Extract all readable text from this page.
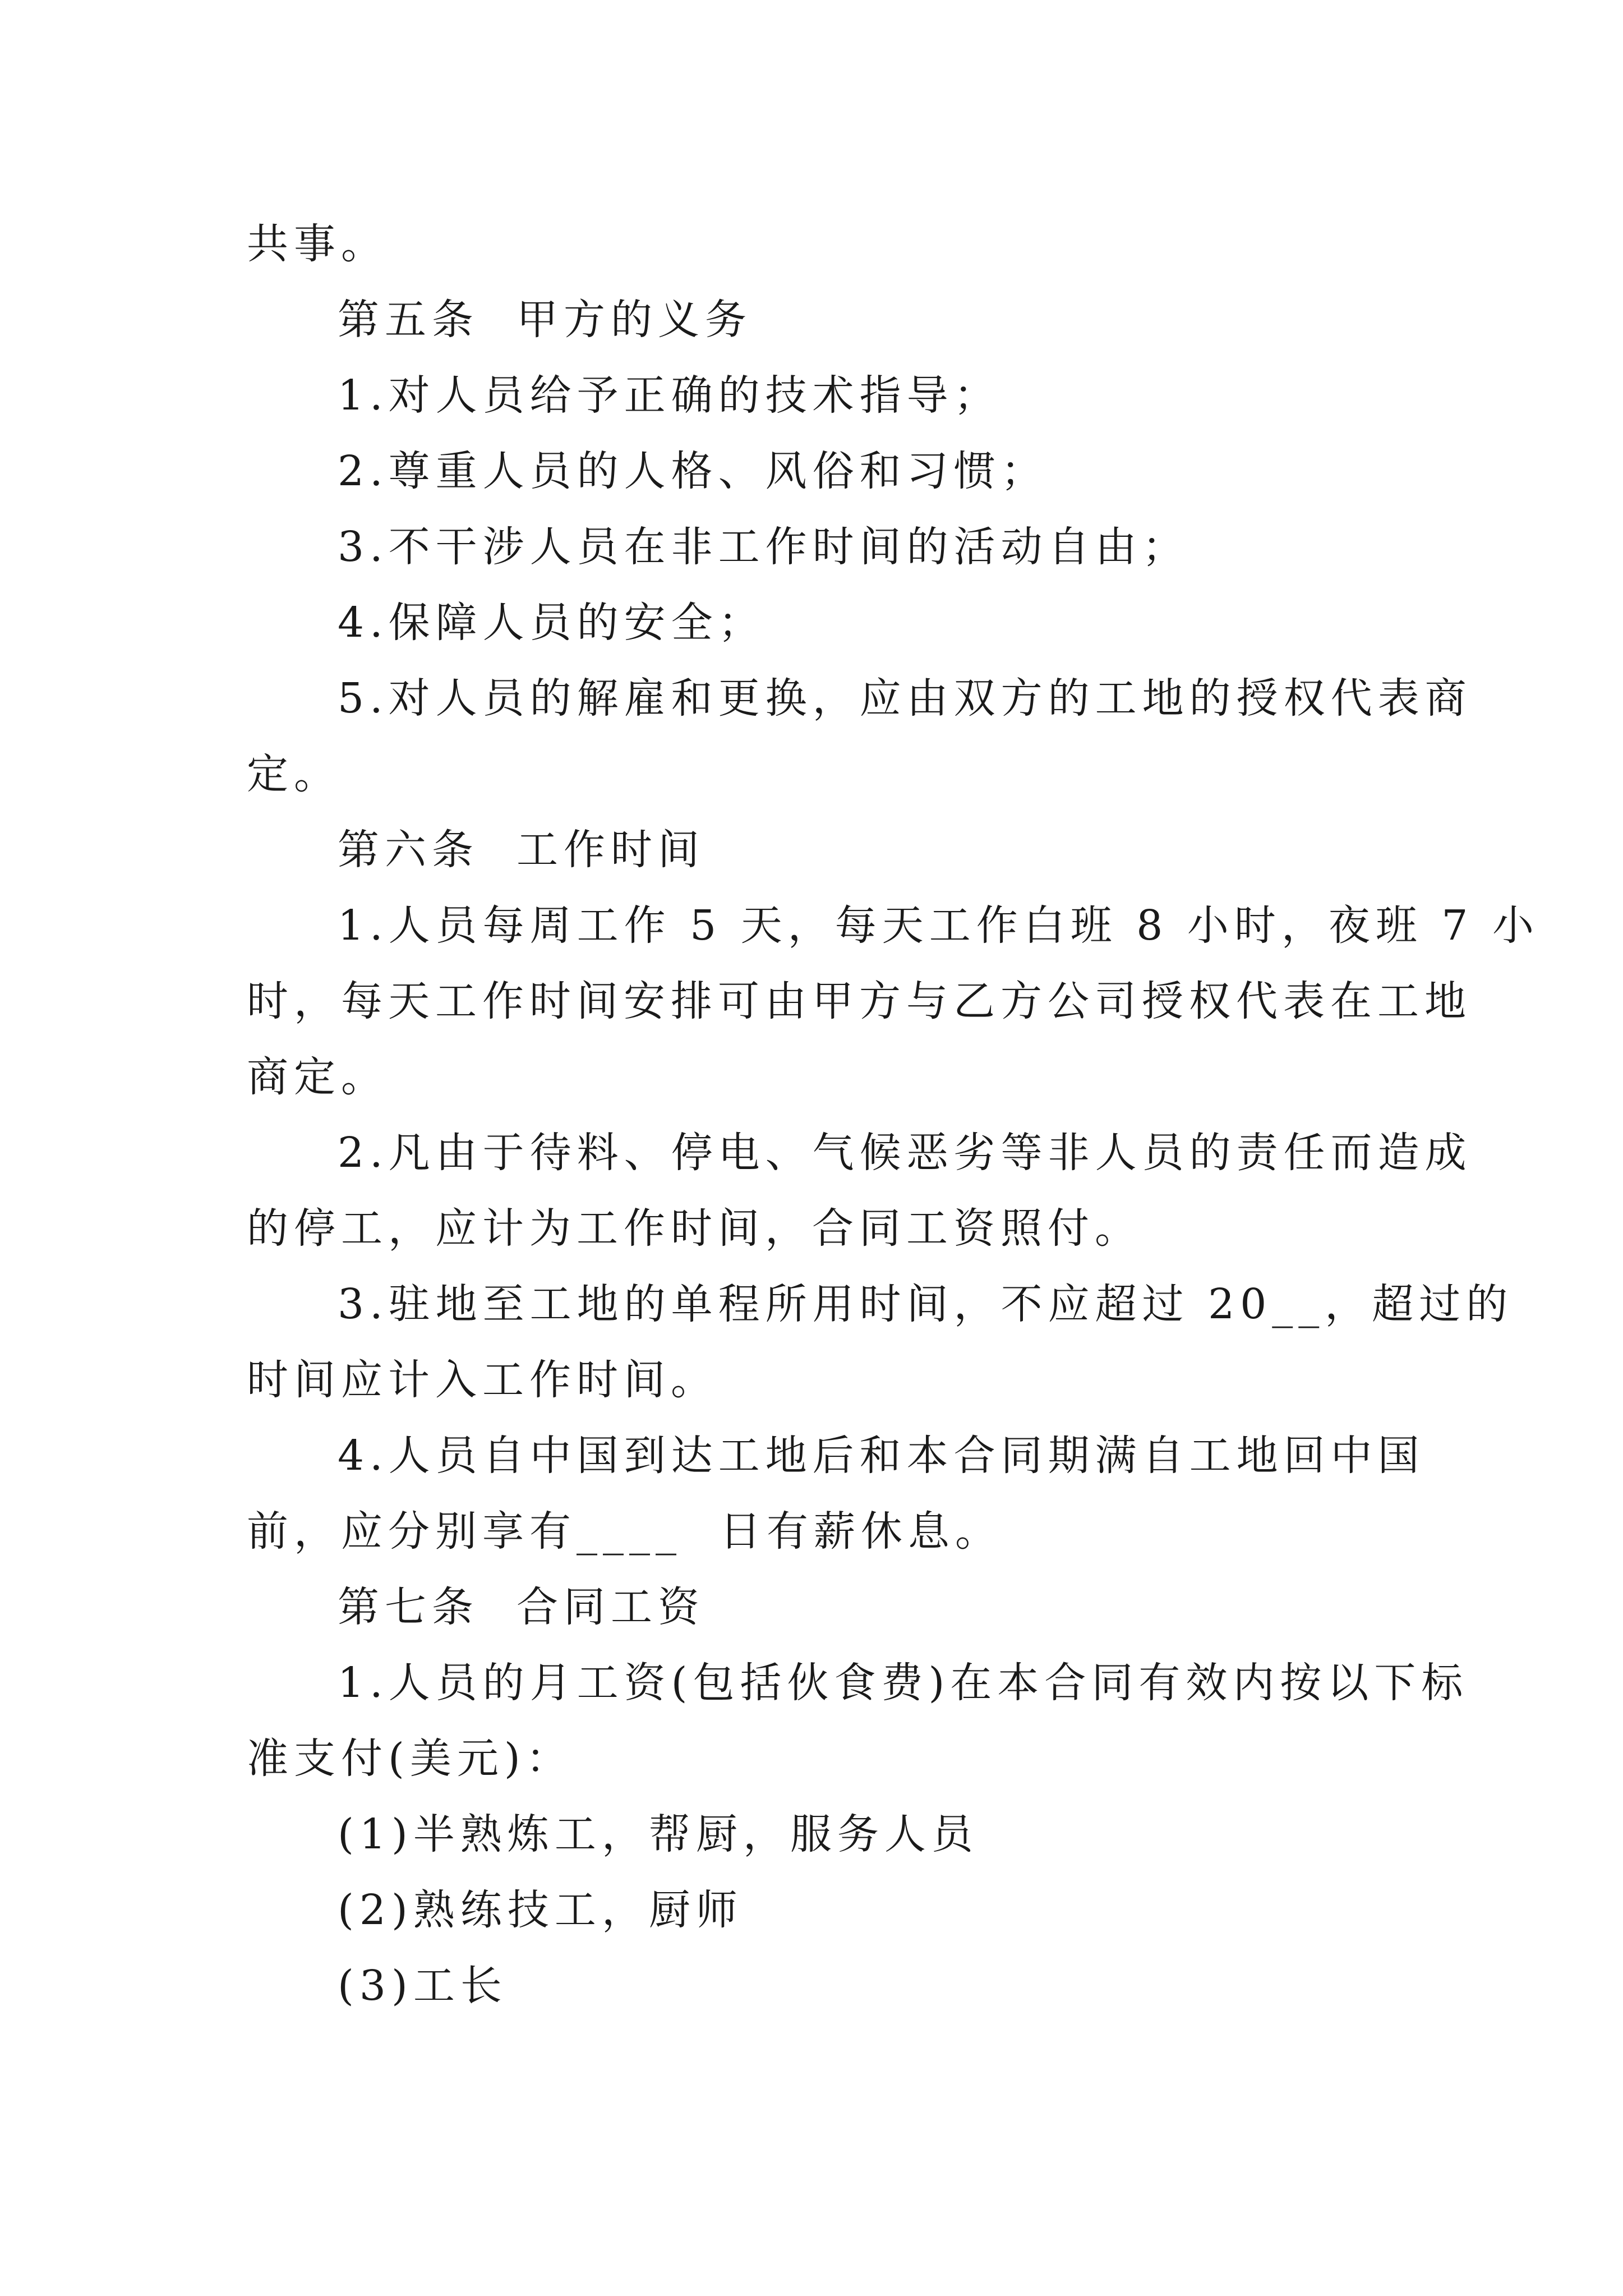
共事。
第五条  甲方的义务
1.对人员给予正确的技术指导；
2.尊重人员的人格、风俗和习惯；
3.不干涉人员在非工作时间的活动自由；
4.保障人员的安全；
5.对人员的解雇和更换，应由双方的工地的授权代表商
定。
第六条  工作时间
1.人员每周工作 5 天，每天工作白班 8 小时，夜班 7 小
时，每天工作时间安排可由甲方与乙方公司授权代表在工地
商定。
2.凡由于待料、停电、气候恶劣等非人员的责任而造成
的停工，应计为工作时间，合同工资照付。
3.驻地至工地的单程所用时间，不应超过 20__，超过的
时间应计入工作时间。
4.人员自中国到达工地后和本合同期满自工地回中国
前，应分别享有____  日有薪休息。
第七条  合同工资
1.人员的月工资(包括伙食费)在本合同有效内按以下标
准支付(美元)：
(1)半熟炼工，帮厨，服务人员
(2)熟练技工，厨师
(3)工长
